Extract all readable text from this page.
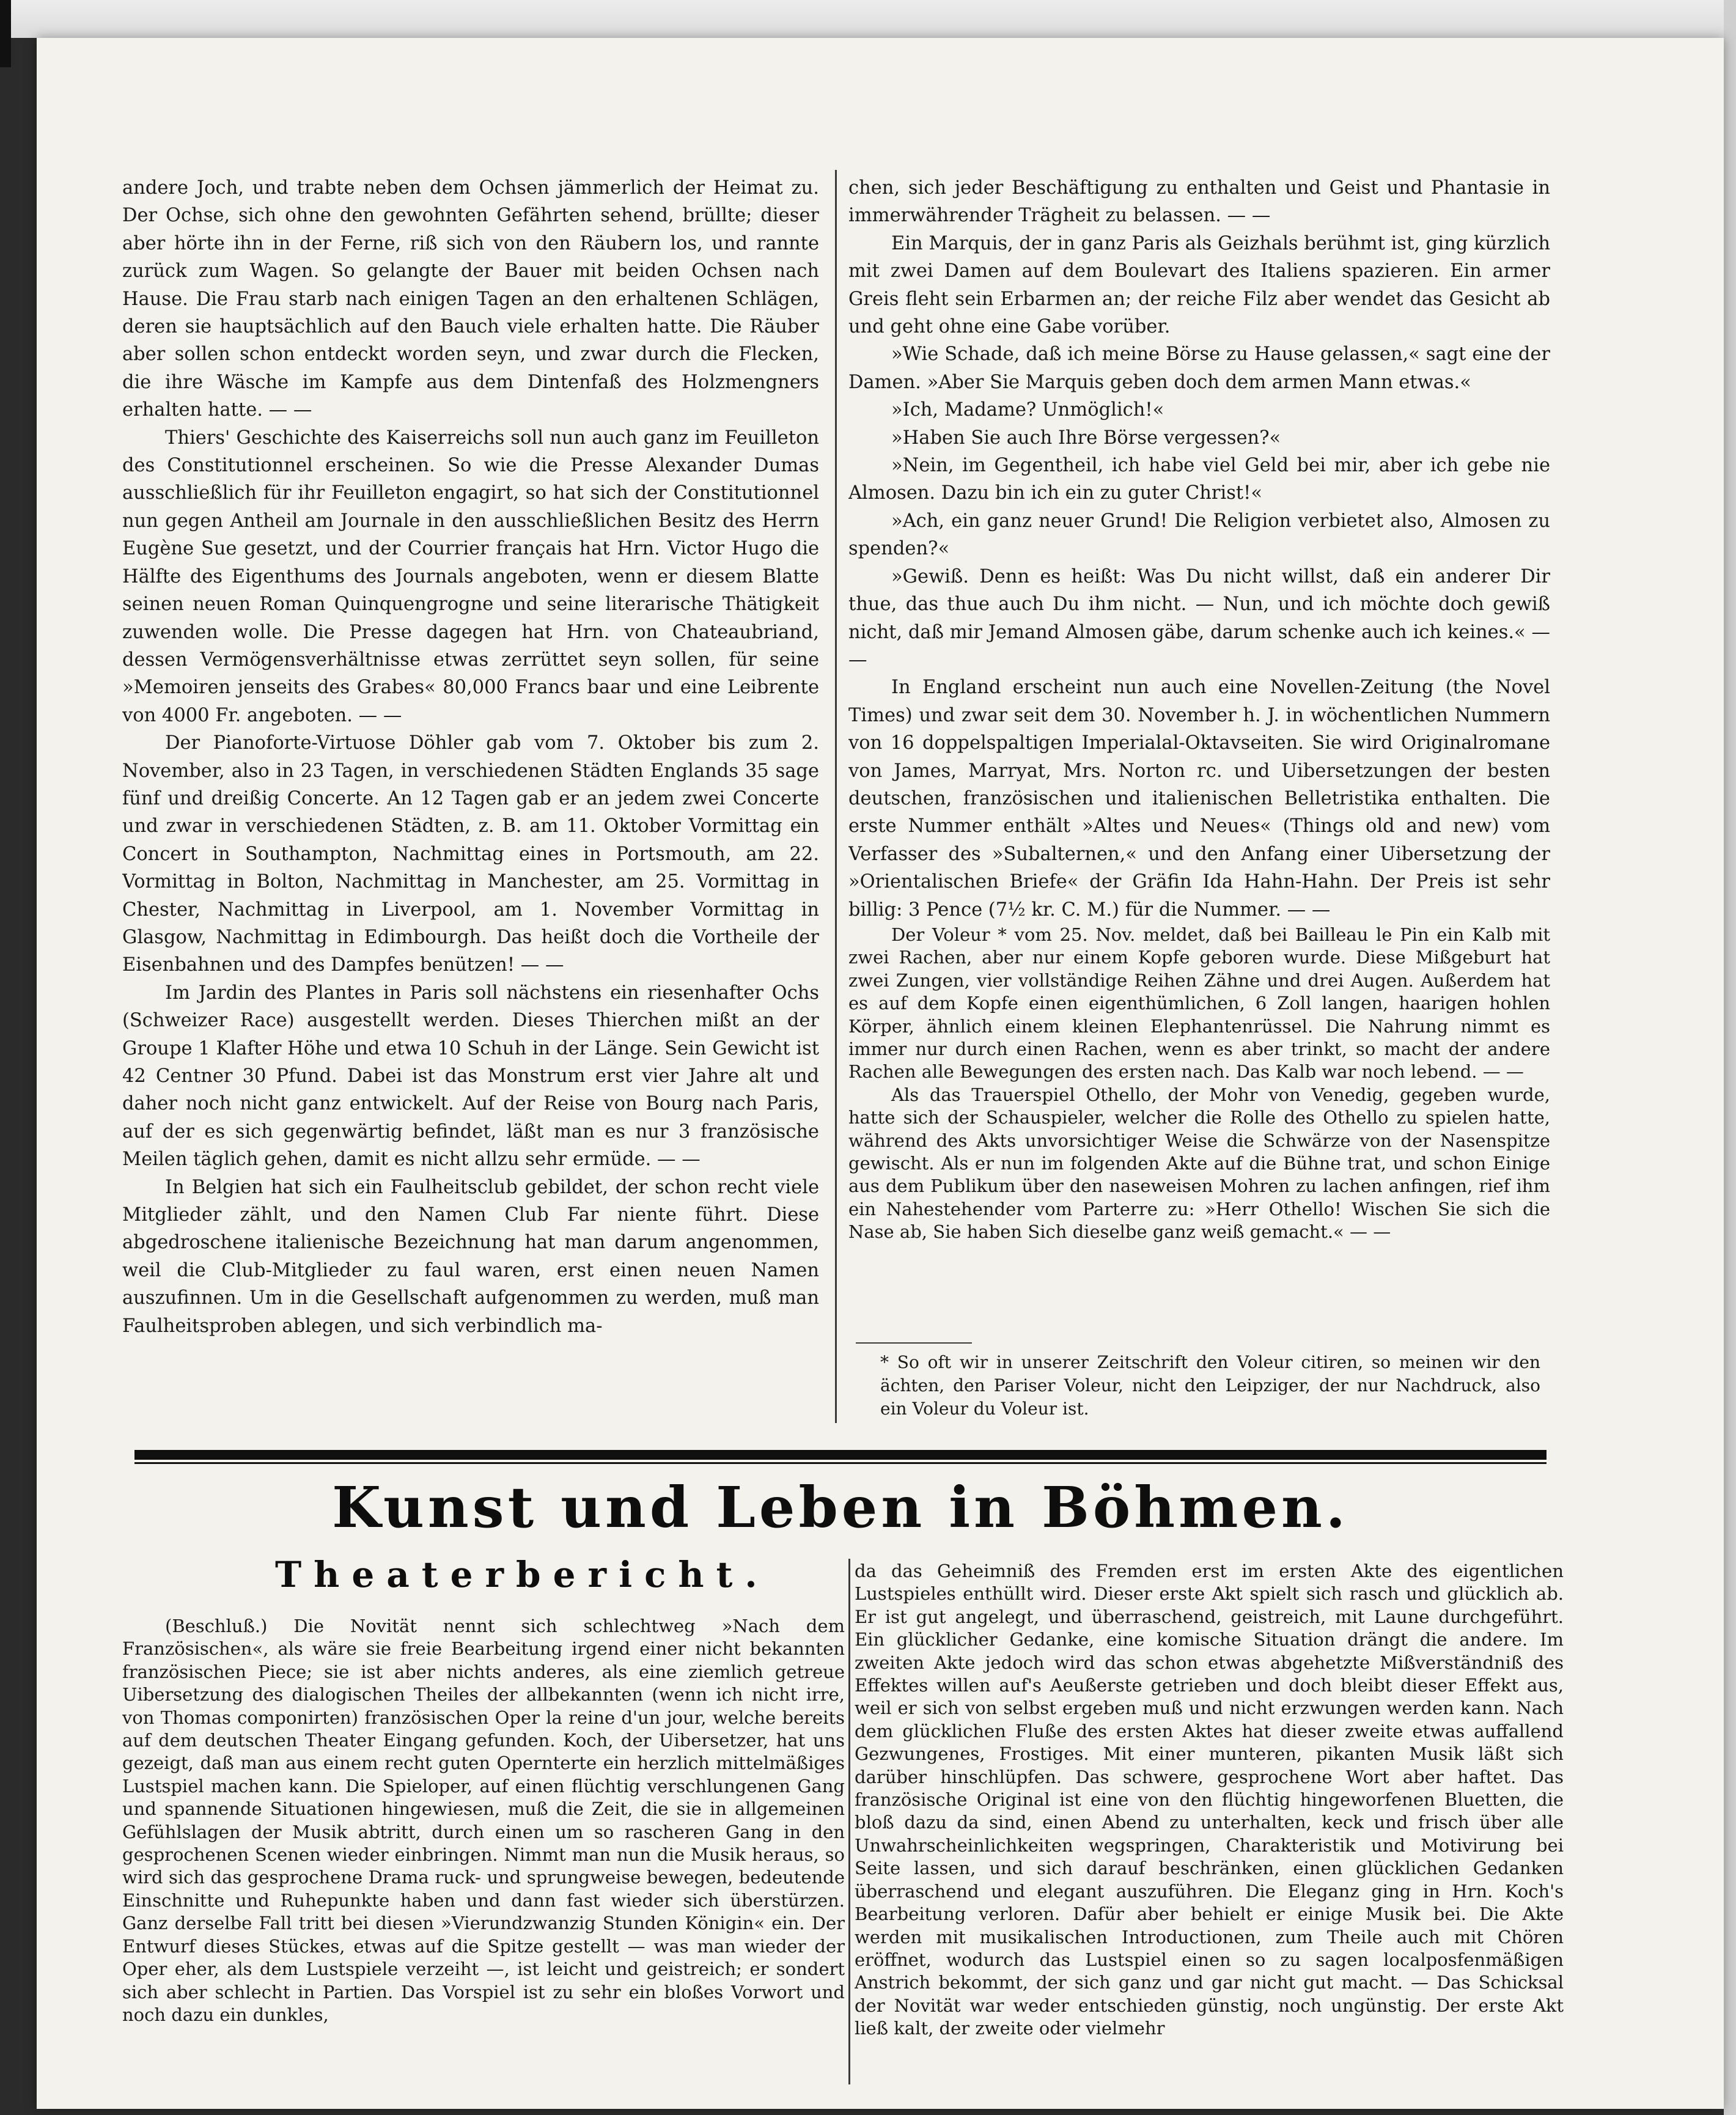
andere Joch, und trabte neben dem Ochsen jämmerlich der Heimat zu. Der Ochse, sich ohne den gewohnten Gefährten sehend, brüllte; dieser aber hörte ihn in der Ferne, riß sich von den Räubern los, und rannte zurück zum Wagen. So gelangte der Bauer mit beiden Ochsen nach Hause. Die Frau starb nach einigen Tagen an den erhaltenen Schlägen, deren sie hauptsächlich auf den Bauch viele erhalten hatte. Die Räuber aber sollen schon entdeckt worden seyn, und zwar durch die Flecken, die ihre Wäsche im Kampfe aus dem Dintenfaß des Holzmengners erhalten hatte. — —

Thiers' Geschichte des Kaiserreichs soll nun auch ganz im Feuilleton des Constitutionnel erscheinen. So wie die Presse Alexander Dumas ausschließlich für ihr Feuilleton engagirt, so hat sich der Constitutionnel nun gegen Antheil am Journale in den ausschließlichen Besitz des Herrn Eugène Sue gesetzt, und der Courrier français hat Hrn. Victor Hugo die Hälfte des Eigenthums des Journals angeboten, wenn er diesem Blatte seinen neuen Roman Quinquengrogne und seine literarische Thätigkeit zuwenden wolle. Die Presse dagegen hat Hrn. von Chateaubriand, dessen Vermögensverhältnisse etwas zerrüttet seyn sollen, für seine »Memoiren jenseits des Grabes« 80,000 Francs baar und eine Leibrente von 4000 Fr. angeboten. — —

Der Pianoforte-Virtuose Döhler gab vom 7. Oktober bis zum 2. November, also in 23 Tagen, in verschiedenen Städten Englands 35 sage fünf und dreißig Concerte. An 12 Tagen gab er an jedem zwei Concerte und zwar in verschiedenen Städten, z. B. am 11. Oktober Vormittag ein Concert in Southampton, Nachmittag eines in Portsmouth, am 22. Vormittag in Bolton, Nachmittag in Manchester, am 25. Vormittag in Chester, Nachmittag in Liverpool, am 1. November Vormittag in Glasgow, Nachmittag in Edimbourgh. Das heißt doch die Vortheile der Eisenbahnen und des Dampfes benützen! — —

Im Jardin des Plantes in Paris soll nächstens ein riesenhafter Ochs (Schweizer Race) ausgestellt werden. Dieses Thierchen mißt an der Groupe 1 Klafter Höhe und etwa 10 Schuh in der Länge. Sein Gewicht ist 42 Centner 30 Pfund. Dabei ist das Monstrum erst vier Jahre alt und daher noch nicht ganz entwickelt. Auf der Reise von Bourg nach Paris, auf der es sich gegenwärtig befindet, läßt man es nur 3 französische Meilen täglich gehen, damit es nicht allzu sehr ermüde. — —

In Belgien hat sich ein Faulheitsclub gebildet, der schon recht viele Mitglieder zählt, und den Namen Club Far niente führt. Diese abgedroschene italienische Bezeichnung hat man darum angenommen, weil die Club-Mitglieder zu faul waren, erst einen neuen Namen auszufinnen. Um in die Gesellschaft aufgenommen zu werden, muß man Faulheitsproben ablegen, und sich verbindlich ma-

chen, sich jeder Beschäftigung zu enthalten und Geist und Phantasie in immerwährender Trägheit zu belassen. — —

Ein Marquis, der in ganz Paris als Geizhals berühmt ist, ging kürzlich mit zwei Damen auf dem Boulevart des Italiens spazieren. Ein armer Greis fleht sein Erbarmen an; der reiche Filz aber wendet das Gesicht ab und geht ohne eine Gabe vorüber.

»Wie Schade, daß ich meine Börse zu Hause gelassen,« sagt eine der Damen. »Aber Sie Marquis geben doch dem armen Mann etwas.«

»Ich, Madame? Unmöglich!«

»Haben Sie auch Ihre Börse vergessen?«

»Nein, im Gegentheil, ich habe viel Geld bei mir, aber ich gebe nie Almosen. Dazu bin ich ein zu guter Christ!«

»Ach, ein ganz neuer Grund! Die Religion verbietet also, Almosen zu spenden?«

»Gewiß. Denn es heißt: Was Du nicht willst, daß ein anderer Dir thue, das thue auch Du ihm nicht. — Nun, und ich möchte doch gewiß nicht, daß mir Jemand Almosen gäbe, darum schenke auch ich keines.« — —

In England erscheint nun auch eine Novellen-Zeitung (the Novel Times) und zwar seit dem 30. November h. J. in wöchentlichen Nummern von 16 doppelspaltigen Imperialal-Oktavseiten. Sie wird Originalromane von James, Marryat, Mrs. Norton rc. und Uibersetzungen der besten deutschen, französischen und italienischen Belletristika enthalten. Die erste Nummer enthält »Altes und Neues« (Things old and new) vom Verfasser des »Subalternen,« und den Anfang einer Uibersetzung der »Orientalischen Briefe« der Gräfin Ida Hahn-Hahn. Der Preis ist sehr billig: 3 Pence (7½ kr. C. M.) für die Nummer. — —

Der Voleur * vom 25. Nov. meldet, daß bei Bailleau le Pin ein Kalb mit zwei Rachen, aber nur einem Kopfe geboren wurde. Diese Mißgeburt hat zwei Zungen, vier vollständige Reihen Zähne und drei Augen. Außerdem hat es auf dem Kopfe einen eigenthümlichen, 6 Zoll langen, haarigen hohlen Körper, ähnlich einem kleinen Elephantenrüssel. Die Nahrung nimmt es immer nur durch einen Rachen, wenn es aber trinkt, so macht der andere Rachen alle Bewegungen des ersten nach. Das Kalb war noch lebend. — —

Als das Trauerspiel Othello, der Mohr von Venedig, gegeben wurde, hatte sich der Schauspieler, welcher die Rolle des Othello zu spielen hatte, während des Akts unvorsichtiger Weise die Schwärze von der Nasenspitze gewischt. Als er nun im folgenden Akte auf die Bühne trat, und schon Einige aus dem Publikum über den naseweisen Mohren zu lachen anfingen, rief ihm ein Nahestehender vom Parterre zu: »Herr Othello! Wischen Sie sich die Nase ab, Sie haben Sich dieselbe ganz weiß gemacht.« — —

Kunst und Leben in Böhmen.
Theaterbericht.

(Beschluß.) Die Novität nennt sich schlechtweg »Nach dem Französischen«, als wäre sie freie Bearbeitung irgend einer nicht bekannten französischen Piece; sie ist aber nichts anderes, als eine ziemlich getreue Uibersetzung des dialogischen Theiles der allbekannten (wenn ich nicht irre, von Thomas componirten) französischen Oper la reine d'un jour, welche bereits auf dem deutschen Theater Eingang gefunden. Koch, der Uibersetzer, hat uns gezeigt, daß man aus einem recht guten Opernterte ein herzlich mittelmäßiges Lustspiel machen kann. Die Spieloper, auf einen flüchtig verschlungenen Gang und spannende Situationen hingewiesen, muß die Zeit, die sie in allgemeinen Gefühlslagen der Musik abtritt, durch einen um so rascheren Gang in den gesprochenen Scenen wieder einbringen. Nimmt man nun die Musik heraus, so wird sich das gesprochene Drama ruck- und sprungweise bewegen, bedeutende Einschnitte und Ruhepunkte haben und dann fast wieder sich überstürzen. Ganz derselbe Fall tritt bei diesen »Vierundzwanzig Stunden Königin« ein. Der Entwurf dieses Stückes, etwas auf die Spitze gestellt — was man wieder der Oper eher, als dem Lustspiele verzeiht —, ist leicht und geistreich; er sondert sich aber schlecht in Partien. Das Vorspiel ist zu sehr ein bloßes Vorwort und noch dazu ein dunkles,

da das Geheimniß des Fremden erst im ersten Akte des eigentlichen Lustspieles enthüllt wird. Dieser erste Akt spielt sich rasch und glücklich ab. Er ist gut angelegt, und überraschend, geistreich, mit Laune durchgeführt. Ein glücklicher Gedanke, eine komische Situation drängt die andere. Im zweiten Akte jedoch wird das schon etwas abgehetzte Mißverständniß des Effektes willen auf's Aeußerste getrieben und doch bleibt dieser Effekt aus, weil er sich von selbst ergeben muß und nicht erzwungen werden kann. Nach dem glücklichen Fluße des ersten Aktes hat dieser zweite etwas auffallend Gezwungenes, Frostiges. Mit einer munteren, pikanten Musik läßt sich darüber hinschlüpfen. Das schwere, gesprochene Wort aber haftet. Das französische Original ist eine von den flüchtig hingeworfenen Bluetten, die bloß dazu da sind, einen Abend zu unterhalten, keck und frisch über alle Unwahrscheinlichkeiten wegspringen, Charakteristik und Motivirung bei Seite lassen, und sich darauf beschränken, einen glücklichen Gedanken überraschend und elegant auszuführen. Die Eleganz ging in Hrn. Koch's Bearbeitung verloren. Dafür aber behielt er einige Musik bei. Die Akte werden mit musikalischen Introductionen, zum Theile auch mit Chören eröffnet, wodurch das Lustspiel einen so zu sagen localposfenmäßigen Anstrich bekommt, der sich ganz und gar nicht gut macht. — Das Schicksal der Novität war weder entschieden günstig, noch ungünstig. Der erste Akt ließ kalt, der zweite oder vielmehr

* So oft wir in unserer Zeitschrift den Voleur citiren, so meinen wir den ächten, den Pariser Voleur, nicht den Leipziger, der nur Nachdruck, also ein Voleur du Voleur ist.
